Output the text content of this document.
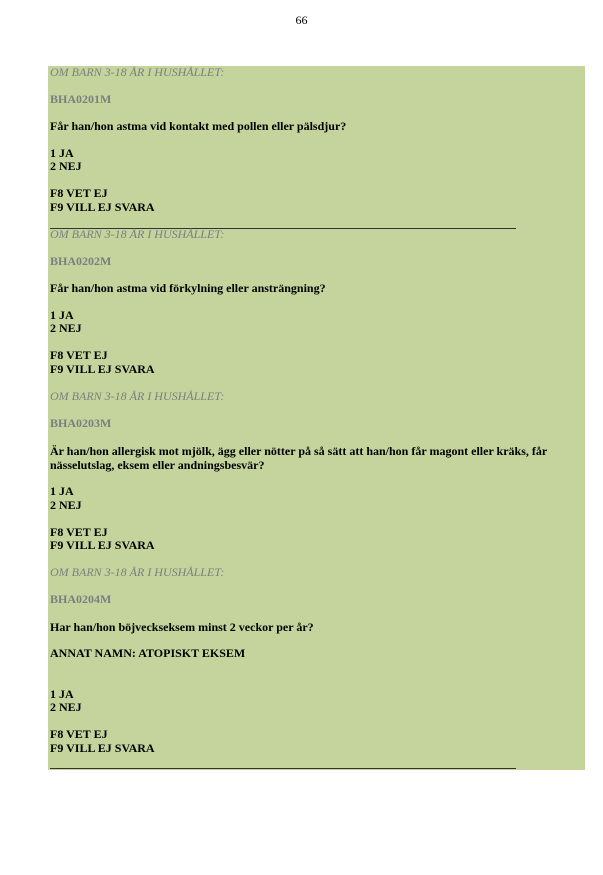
66
OM BARN 3-18 ÅR I HUSHÅLLET:
BHA0201M
Får han/hon astma vid kontakt med pollen eller pälsdjur?
1 JA
2 NEJ
F8 VET EJ
F9 VILL EJ SVARA
OM BARN 3-18 ÅR I HUSHÅLLET:
BHA0202M
Får han/hon astma vid förkylning eller ansträngning?
1 JA
2 NEJ
F8 VET EJ
F9 VILL EJ SVARA
OM BARN 3-18 ÅR I HUSHÅLLET:
BHA0203M
Är han/hon allergisk mot mjölk, ägg eller nötter på så sätt att han/hon får magont eller kräks, får nässelutslag, eksem eller andningsbesvär?
1 JA
2 NEJ
F8 VET EJ
F9 VILL EJ SVARA
OM BARN 3-18 ÅR I HUSHÅLLET:
BHA0204M
Har han/hon böjveckseksem minst 2 veckor per år?
ANNAT NAMN: ATOPISKT EKSEM
1 JA
2 NEJ
F8 VET EJ
F9 VILL EJ SVARA
